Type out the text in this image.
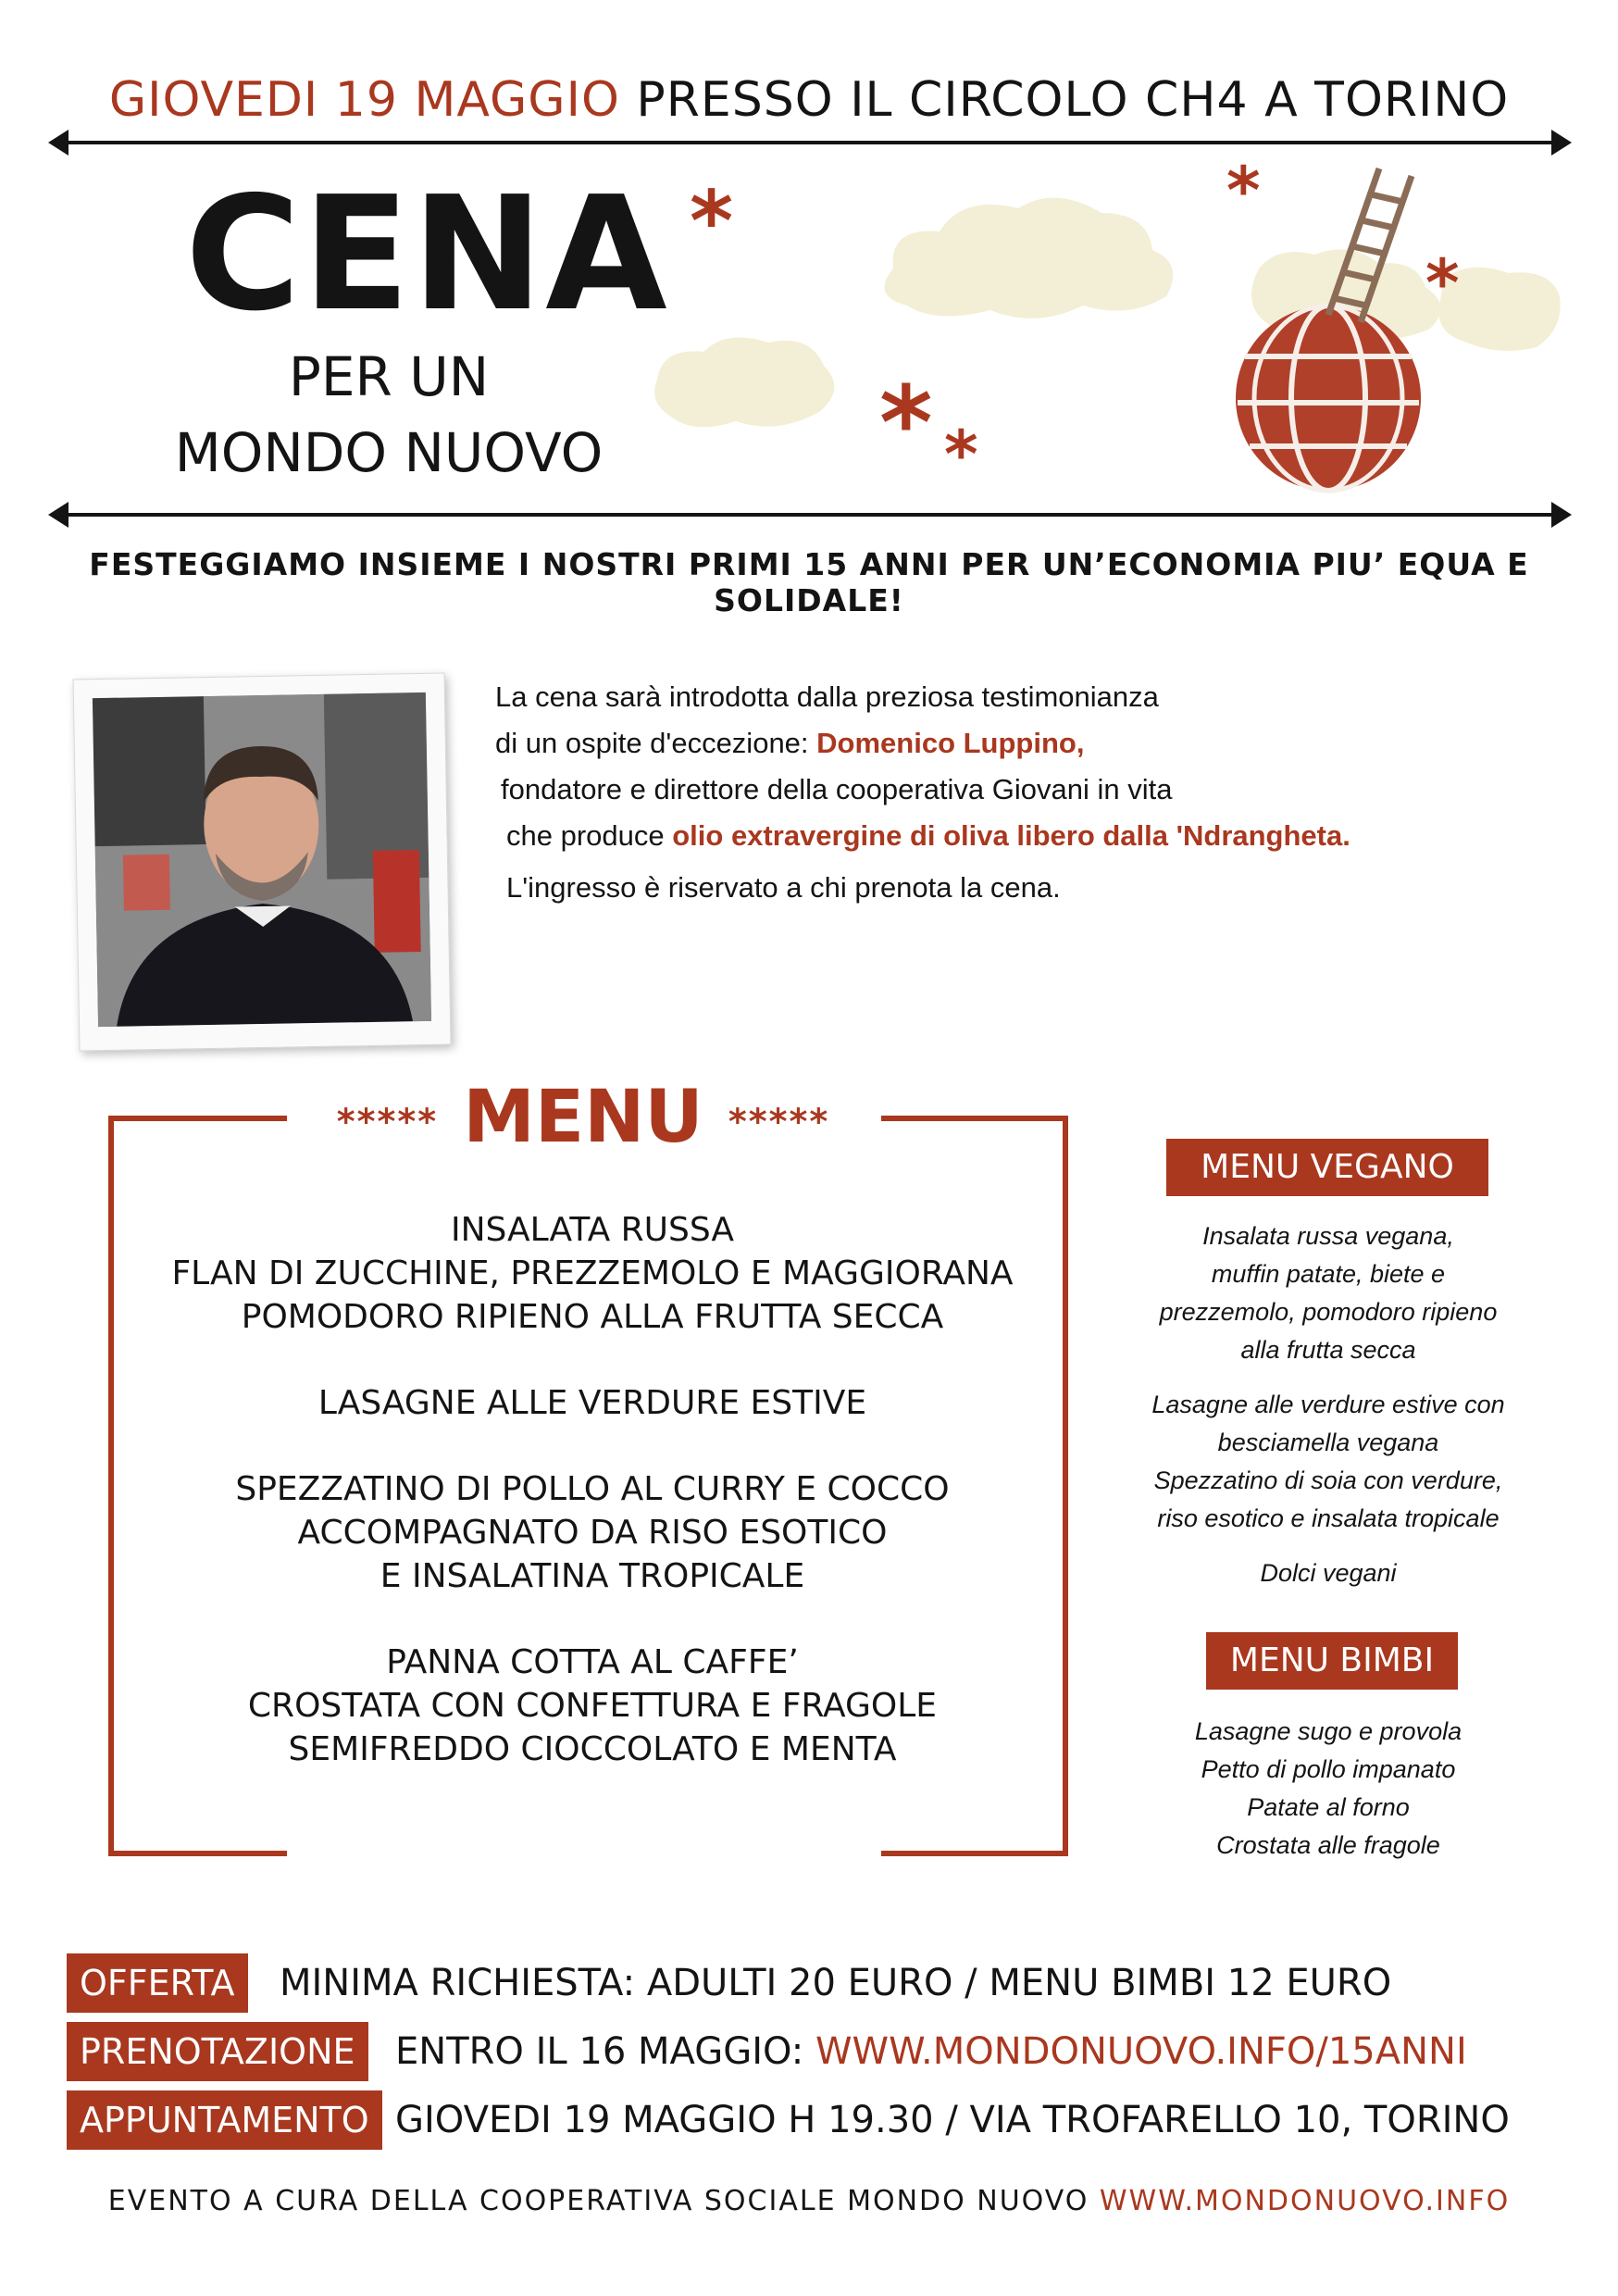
GIOVEDI 19 MAGGIO PRESSO IL CIRCOLO CH4 A TORINO
CENA
PER UN
MONDO NUOVO
*	*
*
* *
FESTEGGIAMO INSIEME I NOSTRI PRIMI 15 ANNI PER UN’ECONOMIA PIU’ EQUA E SOLIDALE!

La cena sarà introdotta dalla preziosa testimonianza

di un ospite d'eccezione: Domenico Luppino,

fondatore e direttore della cooperativa Giovani in vita

che produce olio extravergine di oliva libero dalla 'Ndrangheta.

L'ingresso è riservato a chi prenota la cena.

***** MENU *****
INSALATA RUSSA
FLAN DI ZUCCHINE, PREZZEMOLO E MAGGIORANA
POMODORO RIPIENO ALLA FRUTTA SECCA
LASAGNE ALLE VERDURE ESTIVE
SPEZZATINO DI POLLO AL CURRY E COCCO
ACCOMPAGNATO DA RISO ESOTICO
E INSALATINA TROPICALE
PANNA COTTA AL CAFFE’
CROSTATA CON CONFETTURA E FRAGOLE
SEMIFREDDO CIOCCOLATO E MENTA
MENU VEGANO

Insalata russa vegana,
muffin patate, biete e
prezzemolo, pomodoro ripieno
alla frutta secca

Lasagne alle verdure estive con
besciamella vegana
Spezzatino di soia con verdure,
riso esotico e insalata tropicale

Dolci vegani

MENU BIMBI
Lasagne sugo e provola
Petto di pollo impanato
Patate al forno
Crostata alle fragole
OFFERTA	MINIMA RICHIESTA: ADULTI 20 EURO / MENU BIMBI 12 EURO
PRENOTAZIONE	ENTRO IL 16 MAGGIO: WWW.MONDONUOVO.INFO/15ANNI
APPUNTAMENTO GIOVEDI 19 MAGGIO H 19.30 / VIA TROFARELLO 10, TORINO
EVENTO A CURA DELLA COOPERATIVA SOCIALE MONDO NUOVO WWW.MONDONUOVO.INFO
